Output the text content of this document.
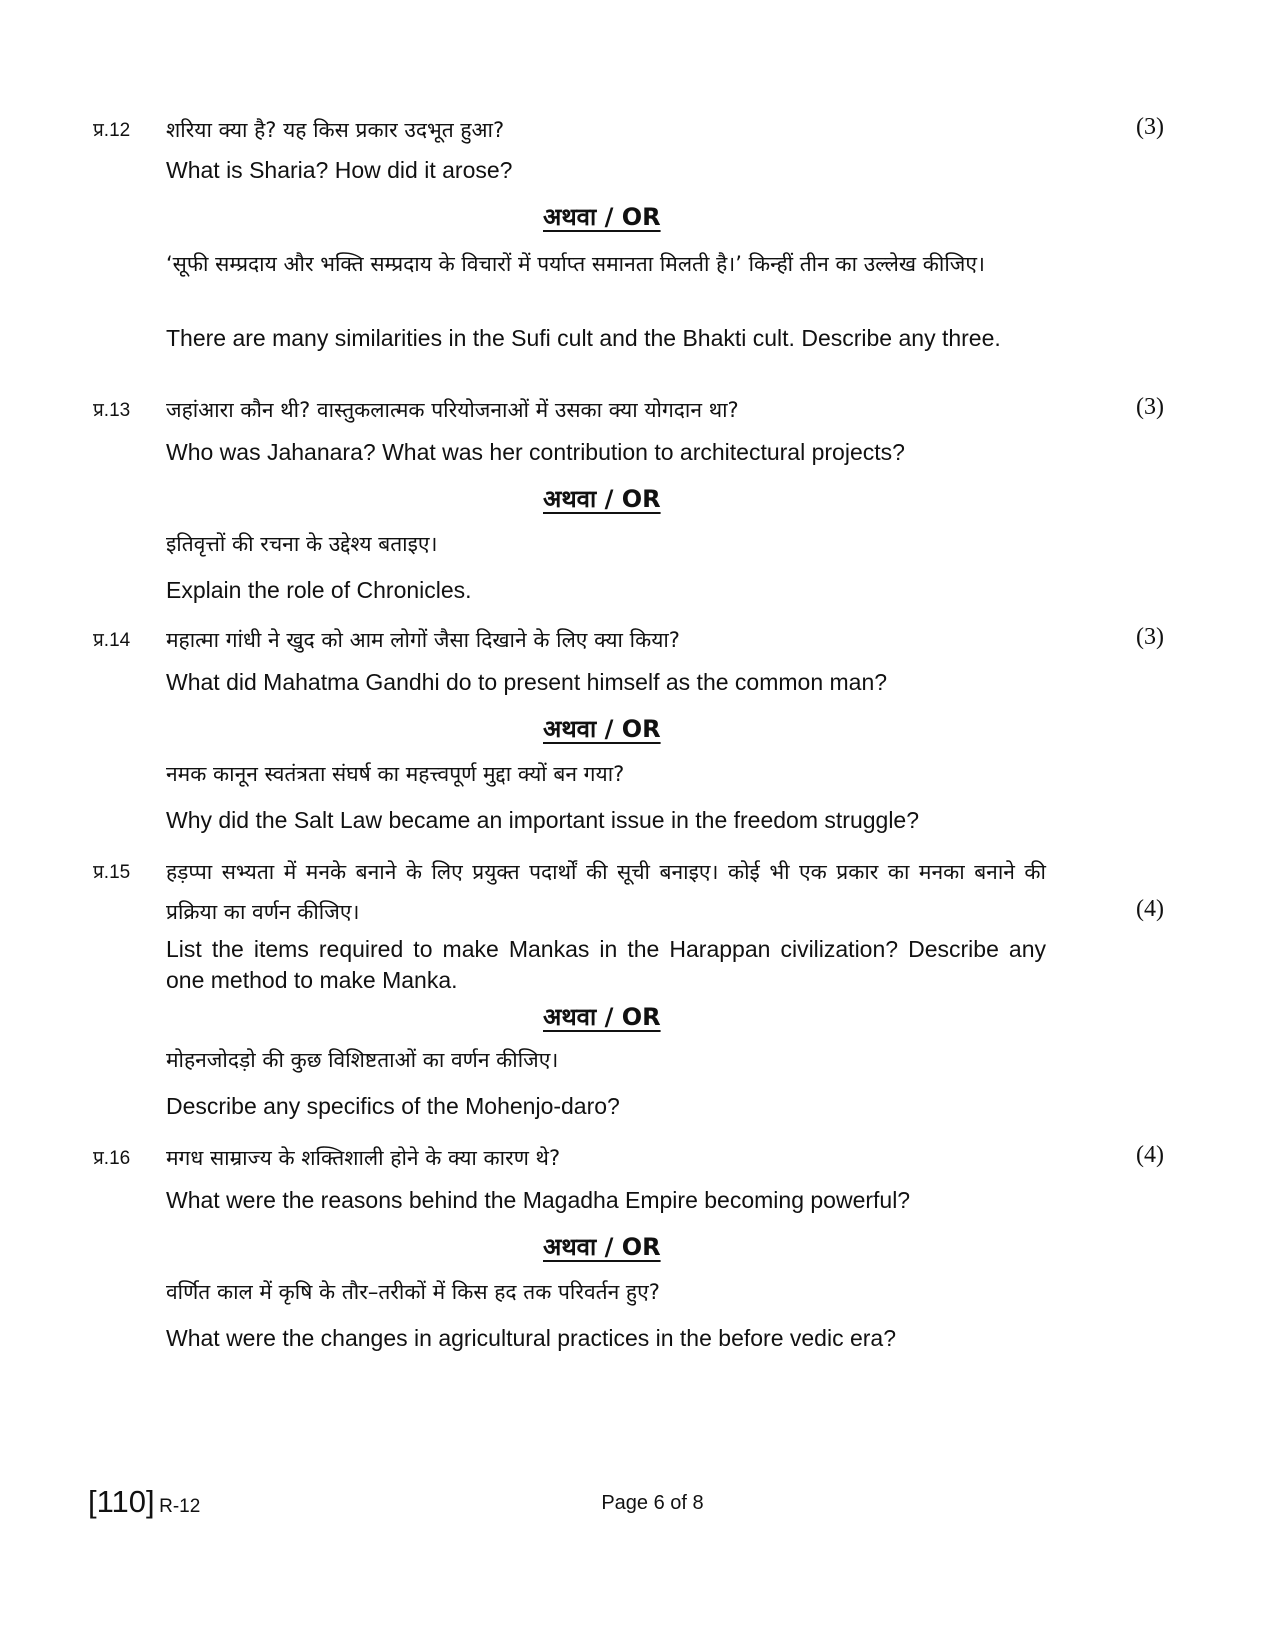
प्र.12	(3)
शरिया क्या है? यह किस प्रकार उदभूत हुआ?
What is Sharia? How did it arose?
अथवा / OR
‘सूफी सम्प्रदाय और भक्ति सम्प्रदाय के विचारों में पर्याप्त समानता मिलती है।’ किन्हीं तीन का उल्लेख कीजिए।
There are many similarities in the Sufi cult and the Bhakti cult. Describe any three.
प्र.13	(3)
जहांआरा कौन थी? वास्तुकलात्मक परियोजनाओं में उसका क्या योगदान था?
Who was Jahanara? What was her contribution to architectural projects?
अथवा / OR
इतिवृत्तों की रचना के उद्देश्य बताइए।
Explain the role of Chronicles.
प्र.14	(3)
महात्मा गांधी ने खुद को आम लोगों जैसा दिखाने के लिए क्या किया?
What did Mahatma Gandhi do to present himself as the common man?
अथवा / OR
नमक कानून स्वतंत्रता संघर्ष का महत्त्वपूर्ण मुद्दा क्यों बन गया?
Why did the Salt Law became an important issue in the freedom struggle?
प्र.15
(4)
हड़प्पा सभ्यता में मनके बनाने के लिए प्रयुक्त पदार्थों की सूची बनाइए। कोई भी एक प्रकार का मनका बनाने की प्रक्रिया का वर्णन कीजिए।
List the items required to make Mankas in the Harappan civilization? Describe any one method to make Manka.
अथवा / OR
मोहनजोदड़ो की कुछ विशिष्टताओं का वर्णन कीजिए।
Describe any specifics of the Mohenjo-daro?
प्र.16	(4)
मगध साम्राज्य के शक्तिशाली होने के क्या कारण थे?
What were the reasons behind the Magadha Empire becoming powerful?
अथवा / OR
वर्णित काल में कृषि के तौर–तरीकों में किस हद तक परिवर्तन हुए?
What were the changes in agricultural practices in the before vedic era?
[110] R-12	Page 6 of 8
